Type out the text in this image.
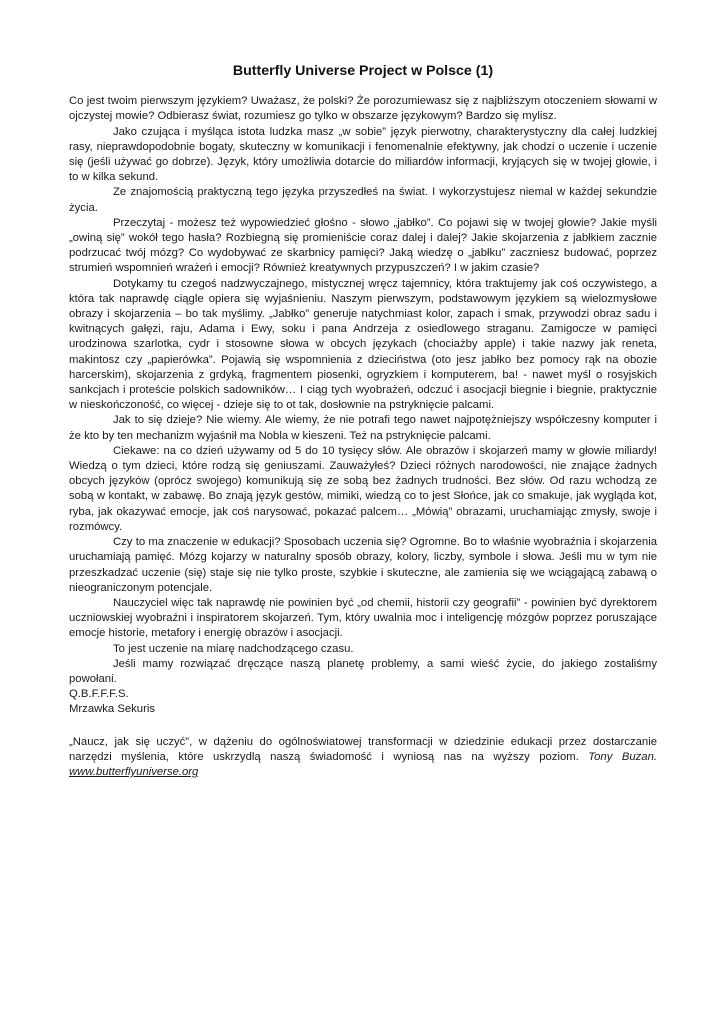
Butterfly Universe Project w Polsce (1)

Co jest twoim pierwszym językiem? Uważasz, że polski? Że porozumiewasz się z najbliższym otoczeniem słowami w ojczystej mowie? Odbierasz świat, rozumiesz go tylko w obszarze językowym? Bardzo się mylisz.

Jako czująca i myśląca istota ludzka masz „w sobie” język pierwotny, charakterystyczny dla całej ludzkiej rasy, nieprawdopodobnie bogaty, skuteczny w komunikacji i fenomenalnie efektywny, jak chodzi o uczenie i uczenie się (jeśli używać go dobrze). Język, który umożliwia dotarcie do miliardów informacji, kryjących się w twojej głowie, i to w kilka sekund.

Ze znajomością praktyczną tego języka przyszedłeś na świat. I wykorzystujesz niemal w każdej sekundzie życia.

Przeczytaj - możesz też wypowiedzieć głośno - słowo „jabłko”. Co pojawi się w twojej głowie? Jakie myśli „owiną się” wokół tego hasła? Rozbiegną się promieniście coraz dalej i dalej? Jakie skojarzenia z jabłkiem zacznie podrzucać twój mózg? Co wydobywać ze skarbnicy pamięci? Jaką wiedzę o „jabłku” zaczniesz budować, poprzez strumień wspomnień wrażeń i emocji? Również kreatywnych przypuszczeń? I w jakim czasie?

Dotykamy tu czegoś nadzwyczajnego, mistycznej wręcz tajemnicy, która traktujemy jak coś oczywistego, a która tak naprawdę ciągle opiera się wyjaśnieniu. Naszym pierwszym, podstawowym językiem są wielozmysłowe obrazy i skojarzenia – bo tak myślimy. „Jabłko” generuje natychmiast kolor, zapach i smak, przywodzi obraz sadu i kwitnących gałęzi, raju, Adama i Ewy, soku i pana Andrzeja z osiedlowego straganu. Zamigocze w pamięci urodzinowa szarlotka, cydr i stosowne słowa w obcych językach (chociażby apple) i takie nazwy jak reneta, makintosz czy „papierówka”. Pojawią się wspomnienia z dzieciństwa (oto jesz jabłko bez pomocy rąk na obozie harcerskim), skojarzenia z grdyką, fragmentem piosenki, ogryzkiem i komputerem, ba! - nawet myśl o rosyjskich sankcjach i proteście polskich sadowników… I ciąg tych wyobrażeń, odczuć i asocjacji biegnie i biegnie, praktycznie w nieskończoność, co więcej - dzieje się to ot tak, dosłownie na pstryknięcie palcami.

Jak to się dzieje? Nie wiemy. Ale wiemy, że nie potrafi tego nawet najpotężniejszy współczesny komputer i że kto by ten mechanizm wyjaśnił ma Nobla w kieszeni. Też na pstryknięcie palcami.

Ciekawe: na co dzień używamy od 5 do 10 tysięcy słów. Ale obrazów i skojarzeń mamy w głowie miliardy! Wiedzą o tym dzieci, które rodzą się geniuszami. Zauważyłeś? Dzieci różnych narodowości, nie znające żadnych obcych języków (oprócz swojego) komunikują się ze sobą bez żadnych trudności. Bez słów. Od razu wchodzą ze sobą w kontakt, w zabawę. Bo znają język gestów, mimiki, wiedzą co to jest Słońce, jak co smakuje, jak wygląda kot, ryba, jak okazywać emocje, jak coś narysować, pokazać palcem… „Mówią” obrazami, uruchamiając zmysły, swoje i rozmówcy.

Czy to ma znaczenie w edukacji? Sposobach uczenia się? Ogromne. Bo to właśnie wyobraźnia i skojarzenia uruchamiają pamięć. Mózg kojarzy w naturalny sposób obrazy, kolory, liczby, symbole i słowa. Jeśli mu w tym nie przeszkadzać uczenie (się) staje się nie tylko proste, szybkie i skuteczne, ale zamienia się we wciągającą zabawą o nieograniczonym potencjale.

Nauczyciel więc tak naprawdę nie powinien być „od chemii, historii czy geografii” - powinien być dyrektorem uczniowskiej wyobraźni i inspiratorem skojarzeń. Tym, który uwalnia moc i inteligencję mózgów poprzez poruszające emocje historie, metafory i energię obrazów i asocjacji.

To jest uczenie na miarę nadchodzącego czasu.

Jeśli mamy rozwiązać dręczące naszą planetę problemy, a sami wieść życie, do jakiego zostaliśmy powołani.

Q.B.F.F.F.S.

Mrzawka Sekuris

„Naucz, jak się uczyć”, w dążeniu do ogólnoświatowej transformacji w dziedzinie edukacji przez dostarczanie narzędzi myślenia, które uskrzydlą naszą świadomość i wyniosą nas na wyższy poziom. Tony Buzan. www.butterflyuniverse.org
